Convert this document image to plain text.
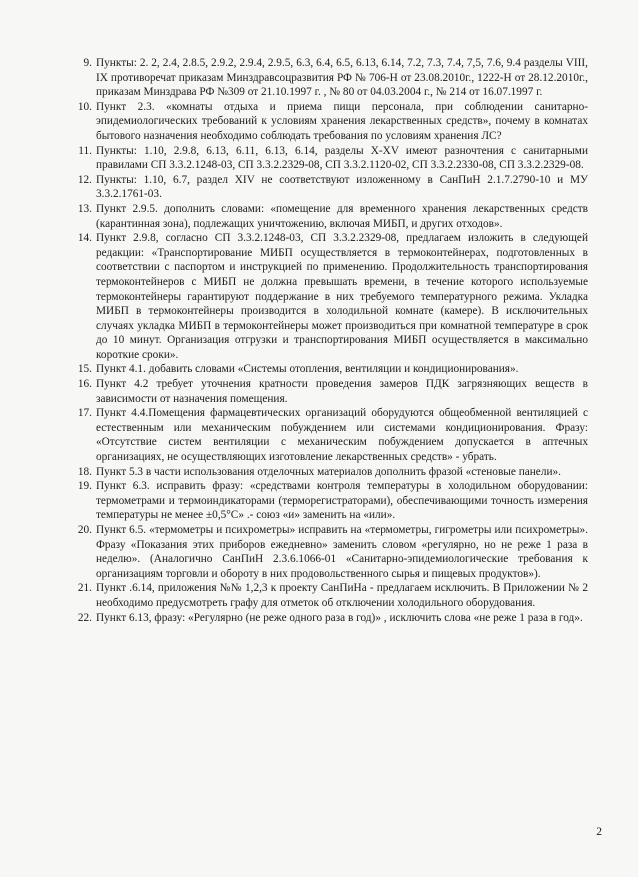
9. Пункты: 2. 2, 2.4, 2.8.5, 2.9.2, 2.9.4, 2.9.5, 6.3, 6.4, 6.5, 6.13, 6.14, 7.2, 7.3, 7.4, 7,5, 7.6, 9.4 разделы VIII, IX противоречат приказам Минздравсоцразвития РФ № 706-Н от 23.08.2010г., 1222-Н от 28.12.2010г., приказам Минздрава РФ №309 от 21.10.1997 г. , № 80 от 04.03.2004 г., № 214 от 16.07.1997 г.
10. Пункт 2.3. «комнаты отдыха и приема пищи персонала, при соблюдении санитарно-эпидемиологических требований к условиям хранения лекарственных средств», почему в комнатах бытового назначения необходимо соблюдать требования по условиям хранения ЛС?
11. Пункты: 1.10, 2.9.8, 6.13, 6.11, 6.13, 6.14, разделы X-XV имеют разночтения с санитарными правилами СП 3.3.2.1248-03, СП 3.3.2.2329-08, СП 3.3.2.1120-02, СП 3.3.2.2330-08, СП 3.3.2.2329-08.
12. Пункты: 1.10, 6.7, раздел XIV не соответствуют изложенному в СанПиН 2.1.7.2790-10 и МУ 3.3.2.1761-03.
13. Пункт 2.9.5. дополнить словами: «помещение для временного хранения лекарственных средств (карантинная зона), подлежащих уничтожению, включая МИБП, и других отходов».
14. Пункт 2.9.8, согласно СП 3.3.2.1248-03, СП 3.3.2.2329-08, предлагаем изложить в следующей редакции: «Транспортирование МИБП осуществляется в термоконтейнерах, подготовленных в соответствии с паспортом и инструкцией по применению. Продолжительность транспортирования термоконтейнеров с МИБП не должна превышать времени, в течение которого используемые термоконтейнеры гарантируют поддержание в них требуемого температурного режима. Укладка МИБП в термоконтейнеры производится в холодильной комнате (камере). В исключительных случаях укладка МИБП в термоконтейнеры может производиться при комнатной температуре в срок до 10 минут. Организация отгрузки и транспортирования МИБП осуществляется в максимально короткие сроки».
15. Пункт 4.1. добавить словами «Системы отопления, вентиляции и кондиционирования».
16. Пункт 4.2 требует уточнения кратности проведения замеров ПДК загрязняющих веществ в зависимости от назначения помещения.
17. Пункт 4.4.Помещения фармацевтических организаций оборудуются общеобменной вентиляцией с естественным или механическим побуждением или системами кондиционирования. Фразу: «Отсутствие систем вентиляции с механическим побуждением допускается в аптечных организациях, не осуществляющих изготовление лекарственных средств» - убрать.
18. Пункт 5.3 в части использования отделочных материалов дополнить фразой «стеновые панели».
19. Пункт 6.3. исправить фразу: «средствами контроля температуры в холодильном оборудовании: термометрами и термоиндикаторами (терморегистраторами), обеспечивающими точность измерения температуры не менее ±0,5°С» .- союз «и» заменить на «или».
20. Пункт 6.5. «термометры и психрометры» исправить на «термометры, гигрометры или психрометры». Фразу «Показания этих приборов ежедневно» заменить словом «регулярно, но не реже 1 раза в неделю». (Аналогично СанПиН 2.3.6.1066-01 «Санитарно-эпидемиологические требования к организациям торговли и обороту в них продовольственного сырья и пищевых продуктов»).
21. Пункт .6.14, приложения №№ 1,2,3 к проекту СанПиНа - предлагаем исключить. В Приложении № 2 необходимо предусмотреть графу для отметок об отключении холодильного оборудования.
22. Пункт 6.13, фразу: «Регулярно (не реже одного раза в год)» , исключить слова «не реже 1 раза в год».
2
